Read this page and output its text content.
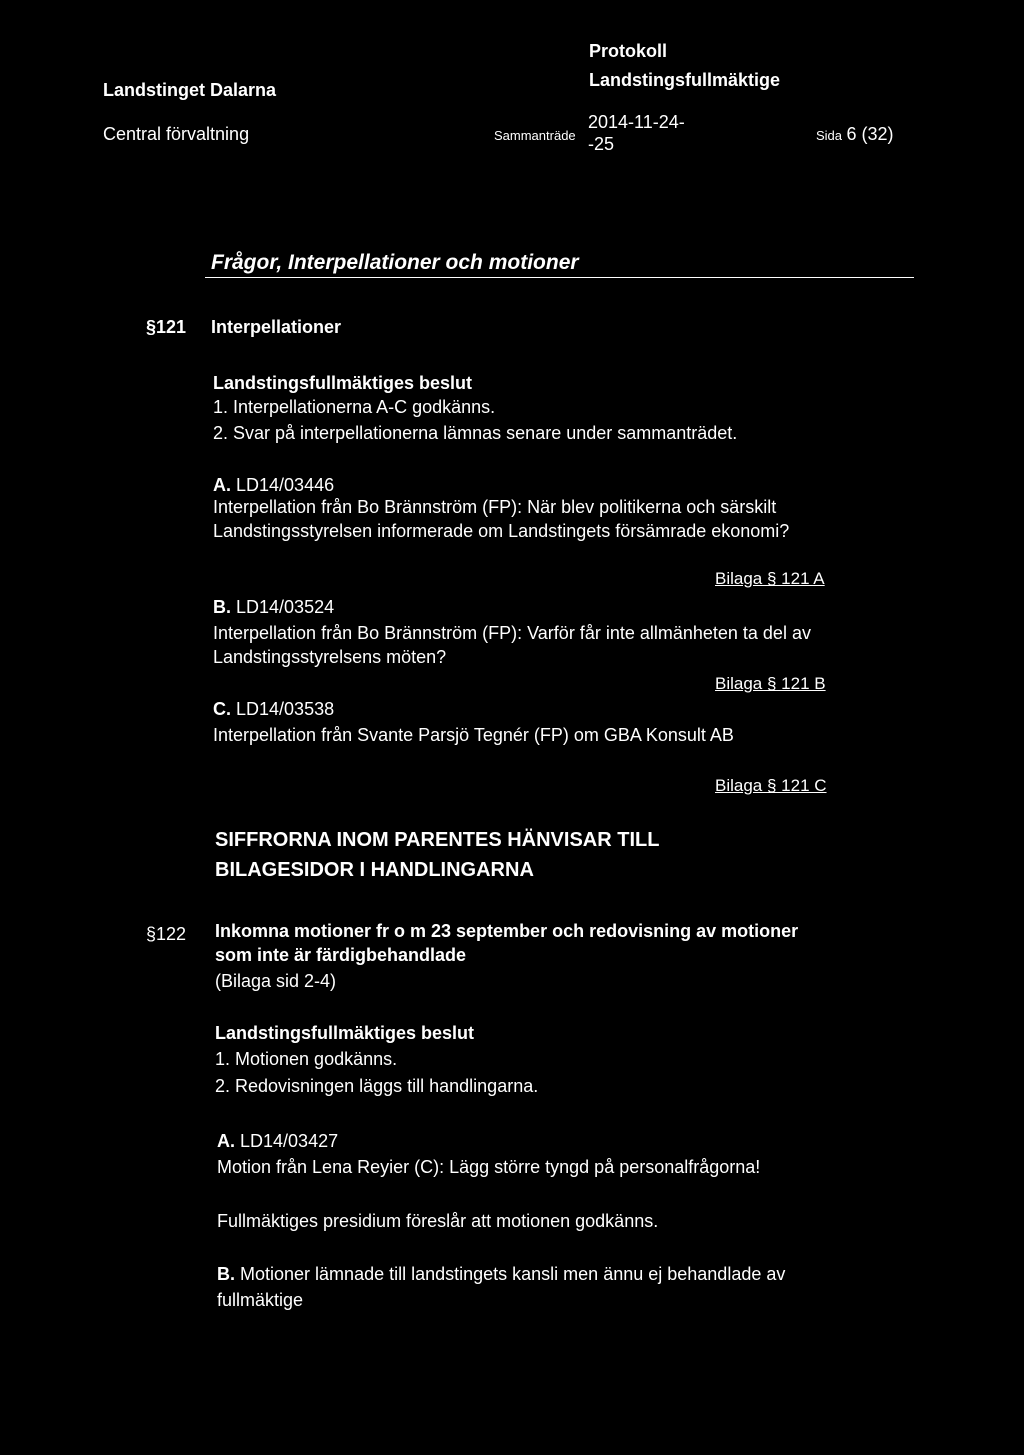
Landstinget Dalarna
Central förvaltning
Protokoll
Landstingsfullmäktige
Sammanträde
2014-11-24-
-25	Sida 6 (32)
Frågor, Interpellationer och motioner
§121 Interpellationer
Landstingsfullmäktiges beslut
1. Interpellationerna A-C godkänns.
2. Svar på interpellationerna lämnas senare under sammanträdet.
A. LD14/03446
Interpellation från Bo Brännström (FP): När blev politikerna och särskilt
Landstingsstyrelsen informerade om Landstingets försämrade ekonomi?
Bilaga § 121 A
B. LD14/03524
Interpellation från Bo Brännström (FP): Varför får inte allmänheten ta del av
Landstingsstyrelsens möten?
Bilaga § 121 B
C. LD14/03538
Interpellation från Svante Parsjö Tegnér (FP) om GBA Konsult AB
Bilaga § 121 C
SIFFRORNA INOM PARENTES HÄNVISAR TILL
BILAGESIDOR I HANDLINGARNA
§122 Inkomna motioner fr o m 23 september och redovisning av motioner
som inte är färdigbehandlade
(Bilaga sid 2-4)
Landstingsfullmäktiges beslut
1. Motionen godkänns.
2. Redovisningen läggs till handlingarna.
A. LD14/03427
Motion från Lena Reyier (C): Lägg större tyngd på personalfrågorna!
Fullmäktiges presidium föreslår att motionen godkänns.
B. Motioner lämnade till landstingets kansli men ännu ej behandlade av
fullmäktige
